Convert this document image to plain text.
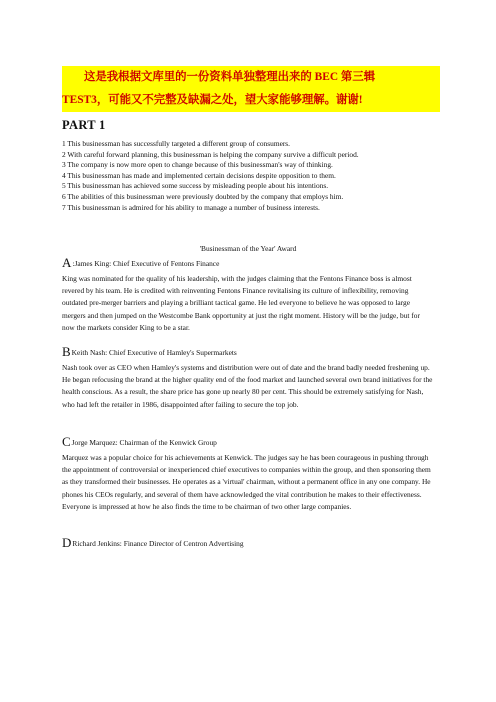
这是我根据文库里的一份资料单独整理出来的 BEC 第三辑
TEST3，可能又不完整及缺漏之处，望大家能够理解。谢谢!
PART 1
1 This businessman has successfully targeted a different group of consumers.
2 With careful forward planning, this businessman is helping the company survive a difficult period.
3 The company is now more open to change because of this businessman's way of thinking.
4 This businessman has made and implemented certain decisions despite opposition to them.
5 This businessman has achieved some success by misleading people about his intentions.
6 The abilities of this businessman were previously doubted by the company that employs him.
7 This businessman is admired for his ability to manage a number of business interests.
'Businessman of the Year' Award
A:James King: Chief Executive of Fentons Finance
King was nominated for the quality of his leadership, with the judges claiming that the Fentons Finance boss is almost revered by his team. He is credited with reinventing Fentons Finance revitalising its culture of inflexibility, removing outdated pre-merger barriers and playing a brilliant tactical game. He led everyone to believe he was opposed to large mergers and then jumped on the Westcombe Bank opportunity at just the right moment. History will be the judge, but for now the markets consider King to be a star.
BKeith Nash: Chief Executive of Hamley's Supermarkets
Nash took over as CEO when Hamley's systems and distribution were out of date and the brand badly needed freshening up. He began refocusing the brand at the higher quality end of the food market and launched several own brand initiatives for the health conscious. As a result, the share price has gone up nearly 80 per cent. This should be extremely satisfying for Nash, who had left the retailer in 1986, disappointed after failing to secure the top job.
CJorge Marquez: Chairman of the Kenwick Group
Marquez was a popular choice for his achievements at Kenwick. The judges say he has been courageous in pushing through the appointment of controversial or inexperienced chief executives to companies within the group, and then sponsoring them as they transformed their businesses. He operates as a 'virtual' chairman, without a permanent office in any one company. He phones his CEOs regularly, and several of them have acknowledged the vital contribution he makes to their effectiveness. Everyone is impressed at how he also finds the time to be chairman of two other large companies.
DRichard Jenkins: Finance Director of Centron Advertising
